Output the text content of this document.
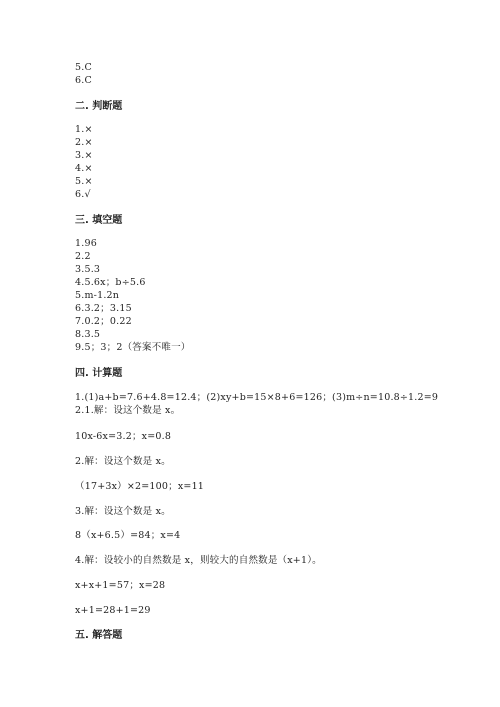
5.C
6.C
二. 判断题
1.×
2.×
3.×
4.×
5.×
6.√
三. 填空题
1.96
2.2
3.5.3
4.5.6x；b÷5.6
5.m-1.2n
6.3.2；3.15
7.0.2；0.22
8.3.5
9.5；3；2（答案不唯一）
四. 计算题
1.(1)a+b=7.6+4.8=12.4；(2)xy+b=15×8+6=126；(3)m÷n=10.8÷1.2=9
2.1.解：设这个数是 x。
10x-6x=3.2；x=0.8
2.解：设这个数是 x。
（17+3x）×2=100；x=11
3.解：设这个数是 x。
8（x+6.5）=84；x=4
4.解：设较小的自然数是 x，则较大的自然数是（x+1）。
x+x+1=57；x=28
x+1=28+1=29
五. 解答题
